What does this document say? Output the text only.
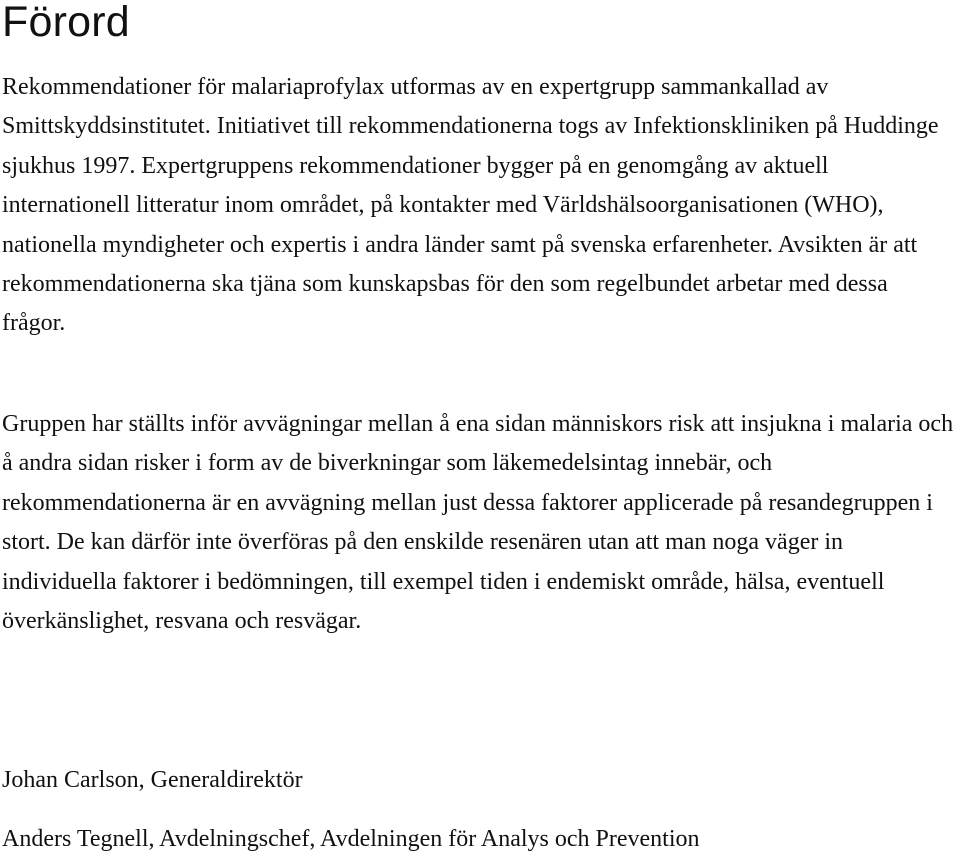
Förord

Rekommendationer för malariaprofylax utformas av en expertgrupp sammankallad av Smittskyddsinstitutet. Initiativet till rekommendationerna togs av Infektionskliniken på Huddinge sjukhus 1997. Expertgruppens rekommendationer bygger på en genomgång av aktuell internationell litteratur inom området, på kontakter med Världshälsoorganisationen (WHO), nationella myndigheter och expertis i andra länder samt på svenska erfarenheter. Avsikten är att rekommendationerna ska tjäna som kunskapsbas för den som regelbundet arbetar med dessa frågor.

Gruppen har ställts inför avvägningar mellan å ena sidan människors risk att insjukna i malaria och å andra sidan risker i form av de biverkningar som läkemedelsintag innebär, och rekommendationerna är en avvägning mellan just dessa faktorer applicerade på resandegruppen i stort. De kan därför inte överföras på den enskilde resenären utan att man noga väger in individuella faktorer i bedömningen, till exempel tiden i endemiskt område, hälsa, eventuell överkänslighet, resvana och resvägar.

Johan Carlson, Generaldirektör

Anders Tegnell, Avdelningschef, Avdelningen för Analys och Prevention
